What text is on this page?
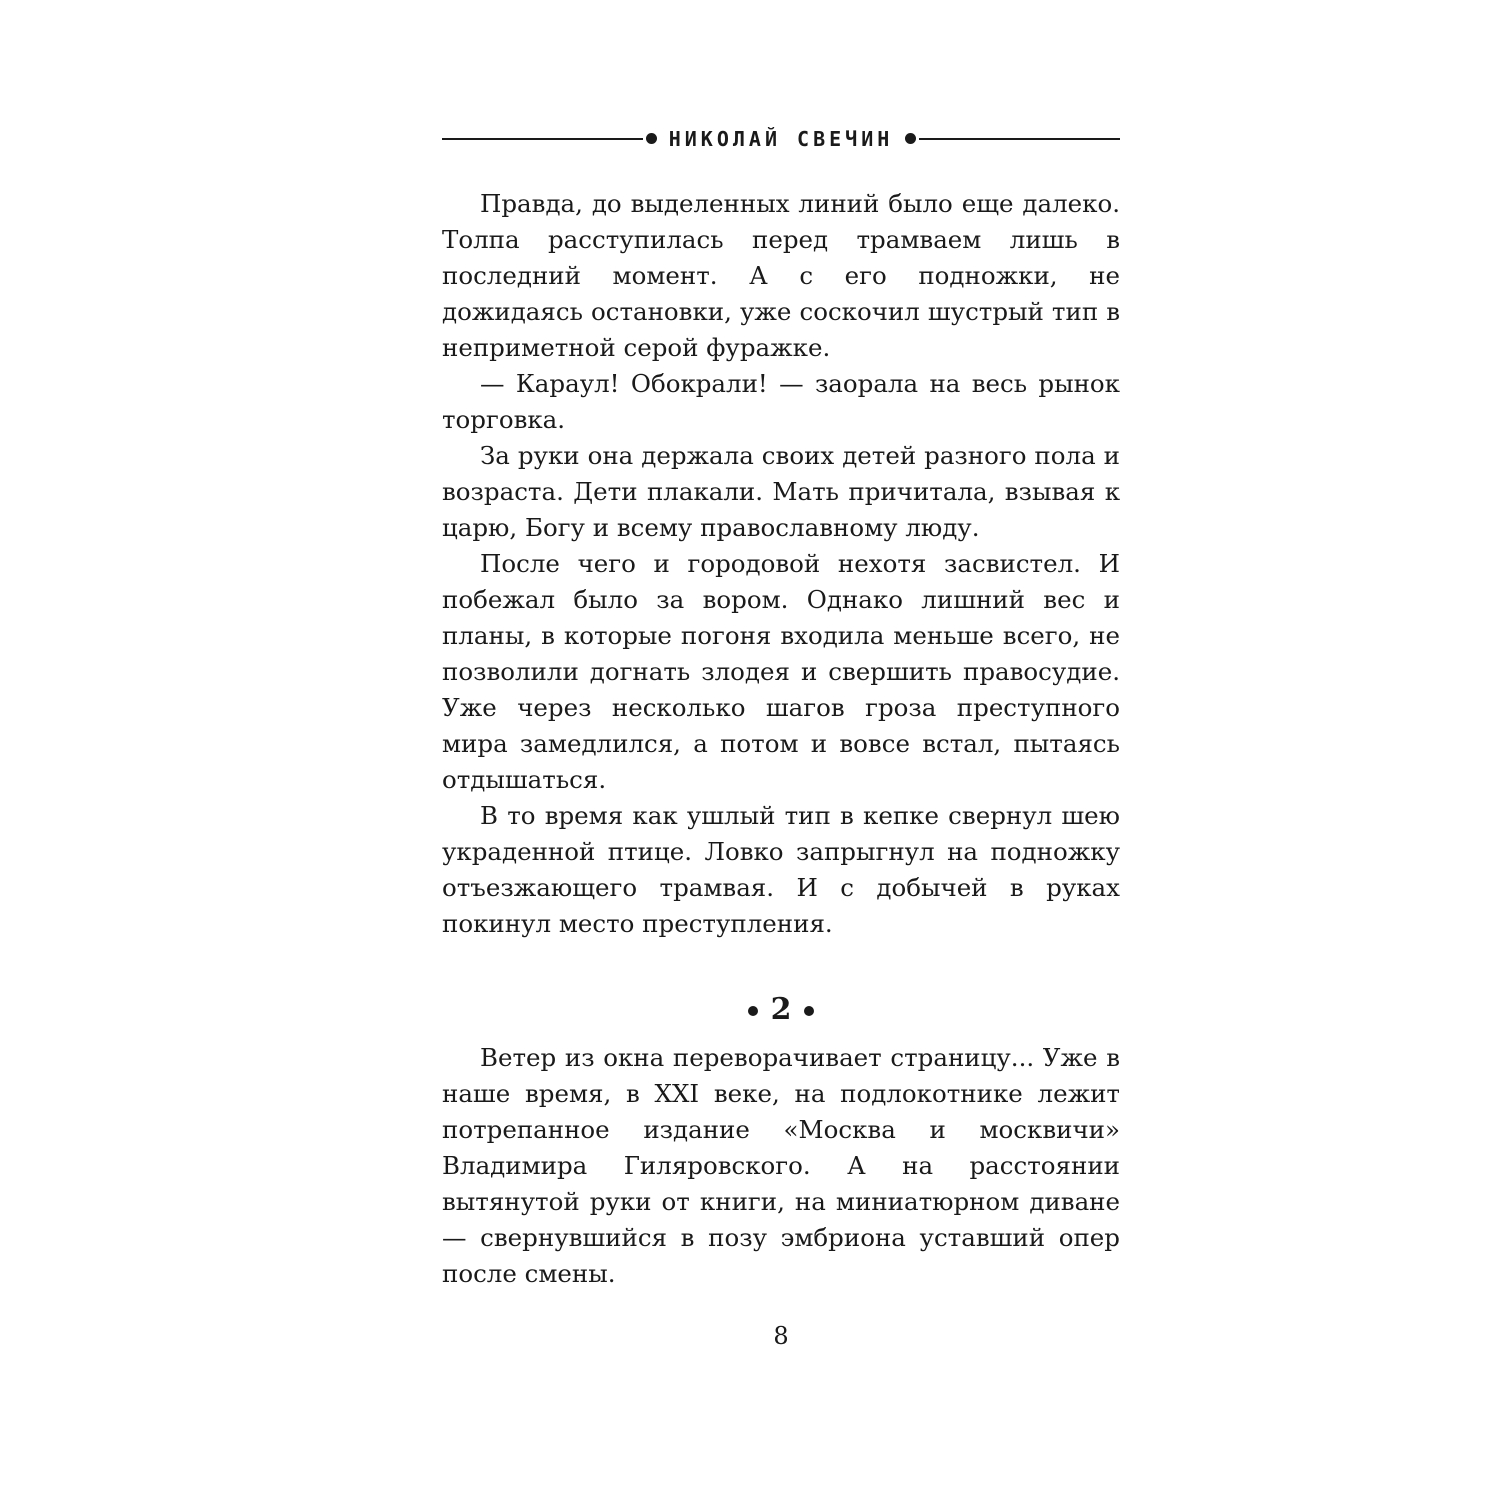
НИКОЛАЙ СВЕЧИН

Правда, до выделенных линий было еще далеко. Толпа расступилась перед трамваем лишь в последний момент. А с его подножки, не дожидаясь остановки, уже соскочил шустрый тип в неприметной серой фуражке.

— Караул! Обокрали! — заорала на весь рынок торговка.

За руки она держала своих детей разного пола и возраста. Дети плакали. Мать причитала, взывая к царю, Богу и всему православному люду.

После чего и городовой нехотя засвистел. И побежал было за вором. Однако лишний вес и планы, в которые погоня входила меньше всего, не позволили догнать злодея и свершить правосудие. Уже через несколько шагов гроза преступного мира замедлился, а потом и вовсе встал, пытаясь отдышаться.

В то время как ушлый тип в кепке свернул шею украденной птице. Ловко запрыгнул на подножку отъезжающего трамвая. И с добычей в руках покинул место преступления.

2

Ветер из окна переворачивает страницу... Уже в наше время, в XXI веке, на подлокотнике лежит потрепанное издание «Москва и москвичи» Владимира Гиляровского. А на расстоянии вытянутой руки от книги, на миниатюрном диване — свернувшийся в позу эмбриона уставший опер после смены.

8
